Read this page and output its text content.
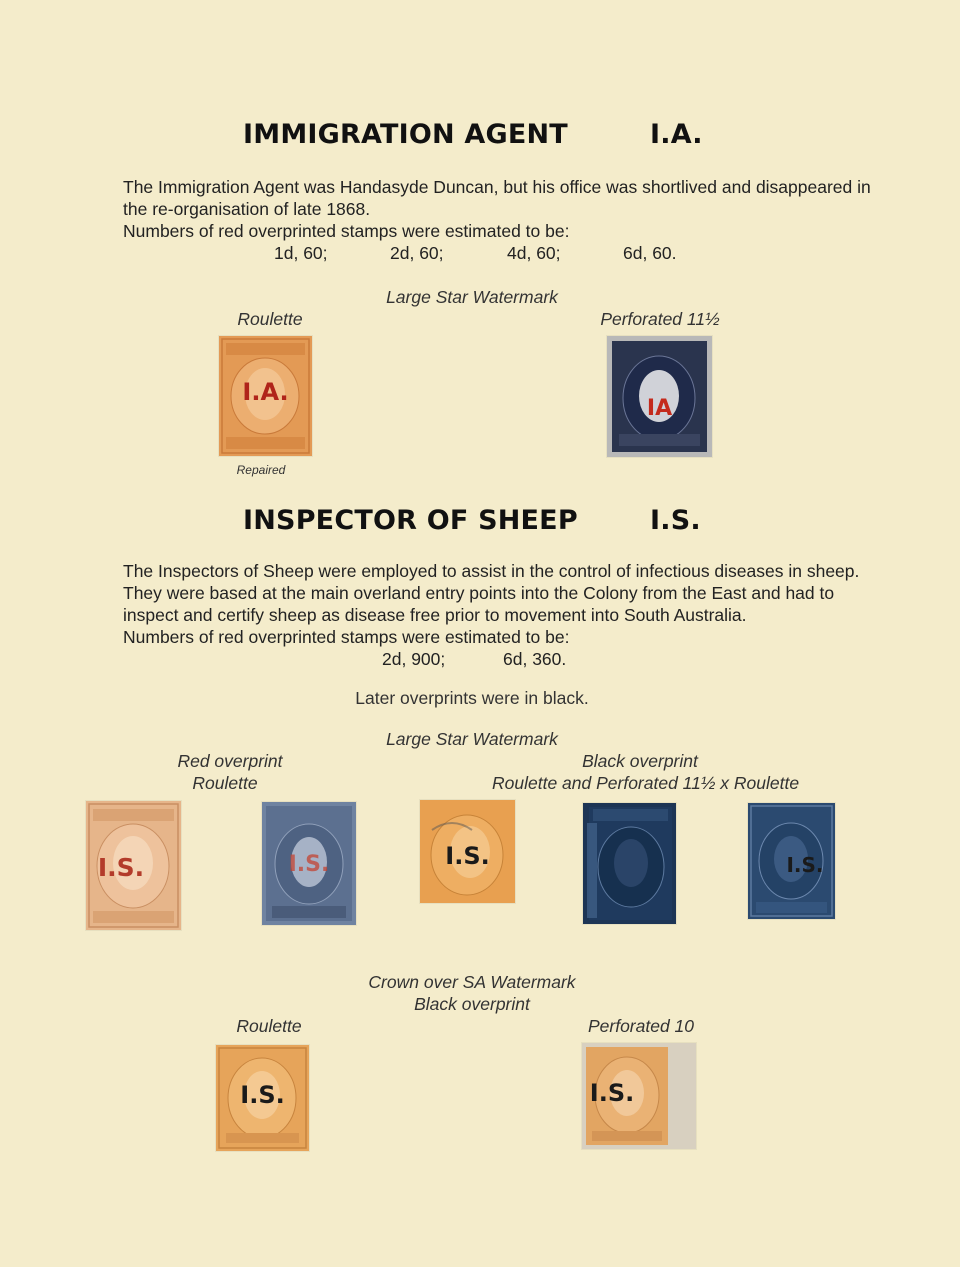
IMMIGRATION AGENT	I.A.

The Immigration Agent was Handasyde Duncan, but his office was shortlived and disappeared in

the re-organisation of late 1868.

Numbers of red overprinted stamps were estimated to be:

1d, 60;	2d, 60;	4d, 60;	6d, 60.
Large Star Watermark
Roulette	Perforated 11½
I.A.
Repaired
IA
INSPECTOR OF SHEEP	I.S.

The Inspectors of Sheep were employed to assist in the control of infectious diseases in sheep.

They were based at the main overland entry points into the Colony from the East and had to

inspect and certify sheep as disease free prior to movement into South Australia.

Numbers of red overprinted stamps were estimated to be:

2d, 900;	6d, 360.
Later overprints were in black.
Large Star Watermark
Red overprint
Roulette
Black overprint
Roulette and Perforated 11½ x Roulette
I.S.	I.S.	I.S.	I.S.
Crown over SA Watermark
Black overprint
Roulette	Perforated 10
I.S.	I.S.
